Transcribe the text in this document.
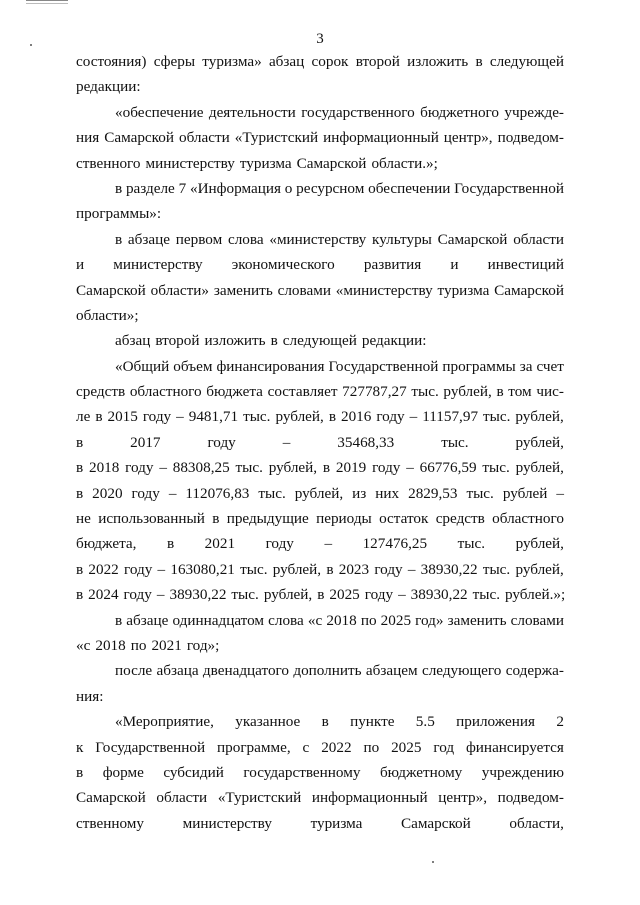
3
состояния) сферы туризма» абзац сорок второй изложить в следующей
редакции:
«обеспечение деятельности государственного бюджетного учрежде-
ния Самарской области «Туристский информационный центр», подведом-
ственного министерству туризма Самарской области.»;
в разделе 7 «Информация о ресурсном обеспечении Государственной
программы»:
в абзаце первом слова «министерству культуры Самарской области
и министерству экономического развития и инвестиций
Самарской области» заменить словами «министерству туризма Самарской
области»;
абзац второй изложить в следующей редакции:
«Общий объем финансирования Государственной программы за счет
средств областного бюджета составляет 727787,27 тыс. рублей, в том чис-
ле в 2015 году – 9481,71 тыс. рублей, в 2016 году – 11157,97 тыс. рублей,
в	2017	году	–	35468,33	тыс.	рублей,
в 2018 году – 88308,25 тыс. рублей, в 2019 году – 66776,59 тыс. рублей,
в 2020 году – 112076,83 тыс. рублей, из них 2829,53 тыс. рублей –
не использованный в предыдущие периоды остаток средств областного
бюджета, в 2021 году – 127476,25 тыс. рублей,
в 2022 году – 163080,21 тыс. рублей, в 2023 году – 38930,22 тыс. рублей,
в 2024 году – 38930,22 тыс. рублей, в 2025 году – 38930,22 тыс. рублей.»;
в абзаце одиннадцатом слова «с 2018 по 2025 год» заменить словами
«с 2018 по 2021 год»;
после абзаца двенадцатого дополнить абзацем следующего содержа-
ния:
«Мероприятие, указанное в пункте 5.5 приложения 2
к Государственной программе, с 2022 по 2025 год финансируется
в форме субсидий государственному бюджетному учреждению
Самарской области «Туристский информационный центр», подведом-
ственному	министерству	туризма	Самарской	области,
